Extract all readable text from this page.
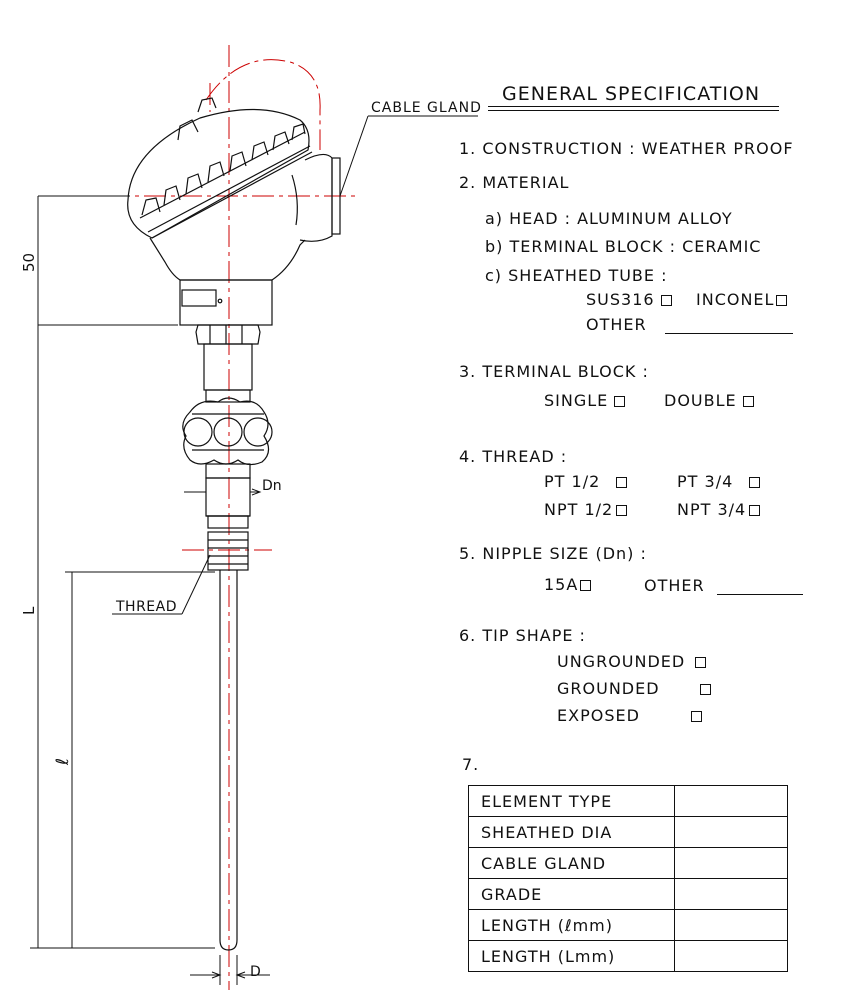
CABLE GLAND
50
L
ℓ
THREAD
Dn
D
GENERAL SPECIFICATION
1. CONSTRUCTION : WEATHER PROOF
2. MATERIAL
a) HEAD : ALUMINUM ALLOY
b) TERMINAL BLOCK : CERAMIC
c) SHEATHED TUBE :
SUS316	INCONEL
OTHER
3. TERMINAL BLOCK :
SINGLE	DOUBLE
4. THREAD :
PT 1/2	PT 3/4
NPT 1/2	NPT 3/4
5. NIPPLE SIZE (Dn) :
15A	OTHER
6. TIP SHAPE :
UNGROUNDED
GROUNDED
EXPOSED
7.
ELEMENT TYPE	
SHEATHED DIA	
CABLE GLAND	
GRADE	
LENGTH (ℓmm)	
LENGTH (Lmm)	
